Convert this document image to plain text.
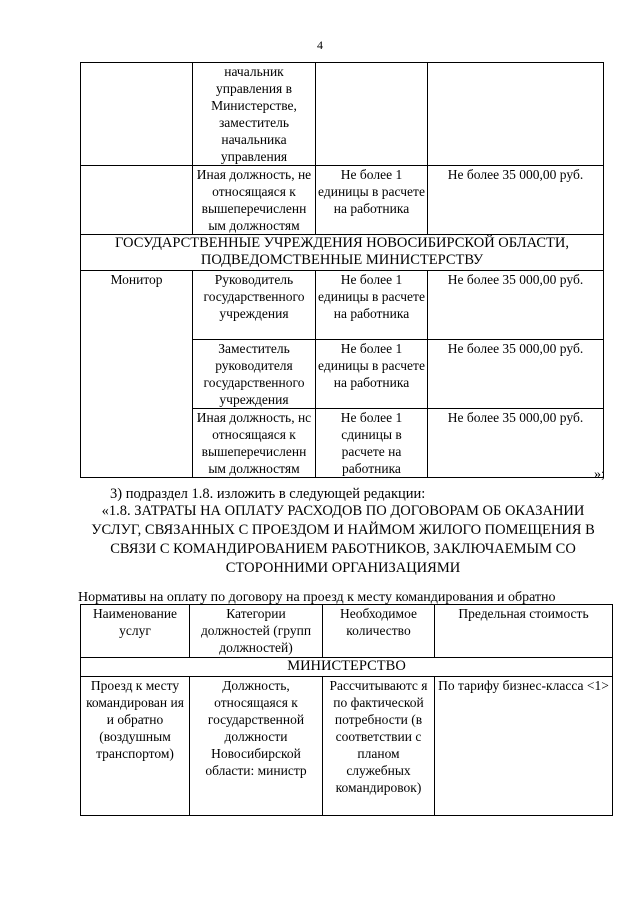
4
	начальник управления в Министерстве, заместитель начальника управления		
	Иная должность, не относящаяся к вышеперечисленн ым должностям	Не более 1 единицы в расчете на работника	Не более 35 000,00 руб.
ГОСУДАРСТВЕННЫЕ УЧРЕЖДЕНИЯ НОВОСИБИРСКОЙ ОБЛАСТИ, ПОДВЕДОМСТВЕННЫЕ МИНИСТЕРСТВУ			
Монитор	Руководитель государственного учреждения	Не более 1 единицы в расчете на работника	Не более 35 000,00 руб.
	Заместитель руководителя государственного учреждения	Не более 1 единицы в расчете на работника	Не более 35 000,00 руб.
	Иная должность, нс относящаяся к вышеперечисленн ым должностям	Не более 1 сдиницы в расчете на работника	Не более 35 000,00 руб.
»;
3) подраздел 1.8. изложить в следующей редакции:
«1.8. ЗАТРАТЫ НА ОПЛАТУ РАСХОДОВ ПО ДОГОВОРАМ ОБ ОКАЗАНИИ УСЛУГ, СВЯЗАННЫХ С ПРОЕЗДОМ И НАЙМОМ ЖИЛОГО ПОМЕЩЕНИЯ В СВЯЗИ С КОМАНДИРОВАНИЕМ РАБОТНИКОВ, ЗАКЛЮЧАЕМЫМ СО СТОРОННИМИ ОРГАНИЗАЦИЯМИ
Нормативы на оплату по договору на проезд к месту командирования и обратно
Наименование услуг	Категории должностей (групп должностей)	Необходимое количество	Предельная стоимость
МИНИСТЕРСТВО			
Проезд к месту командирован ия и обратно (воздушным транспортом)	Должность, относящаяся к государственной должности Новосибирской области: министр	Рассчитываютс я по фактической потребности (в соответствии с планом служебных командировок)	По тарифу бизнес-класса <1>
